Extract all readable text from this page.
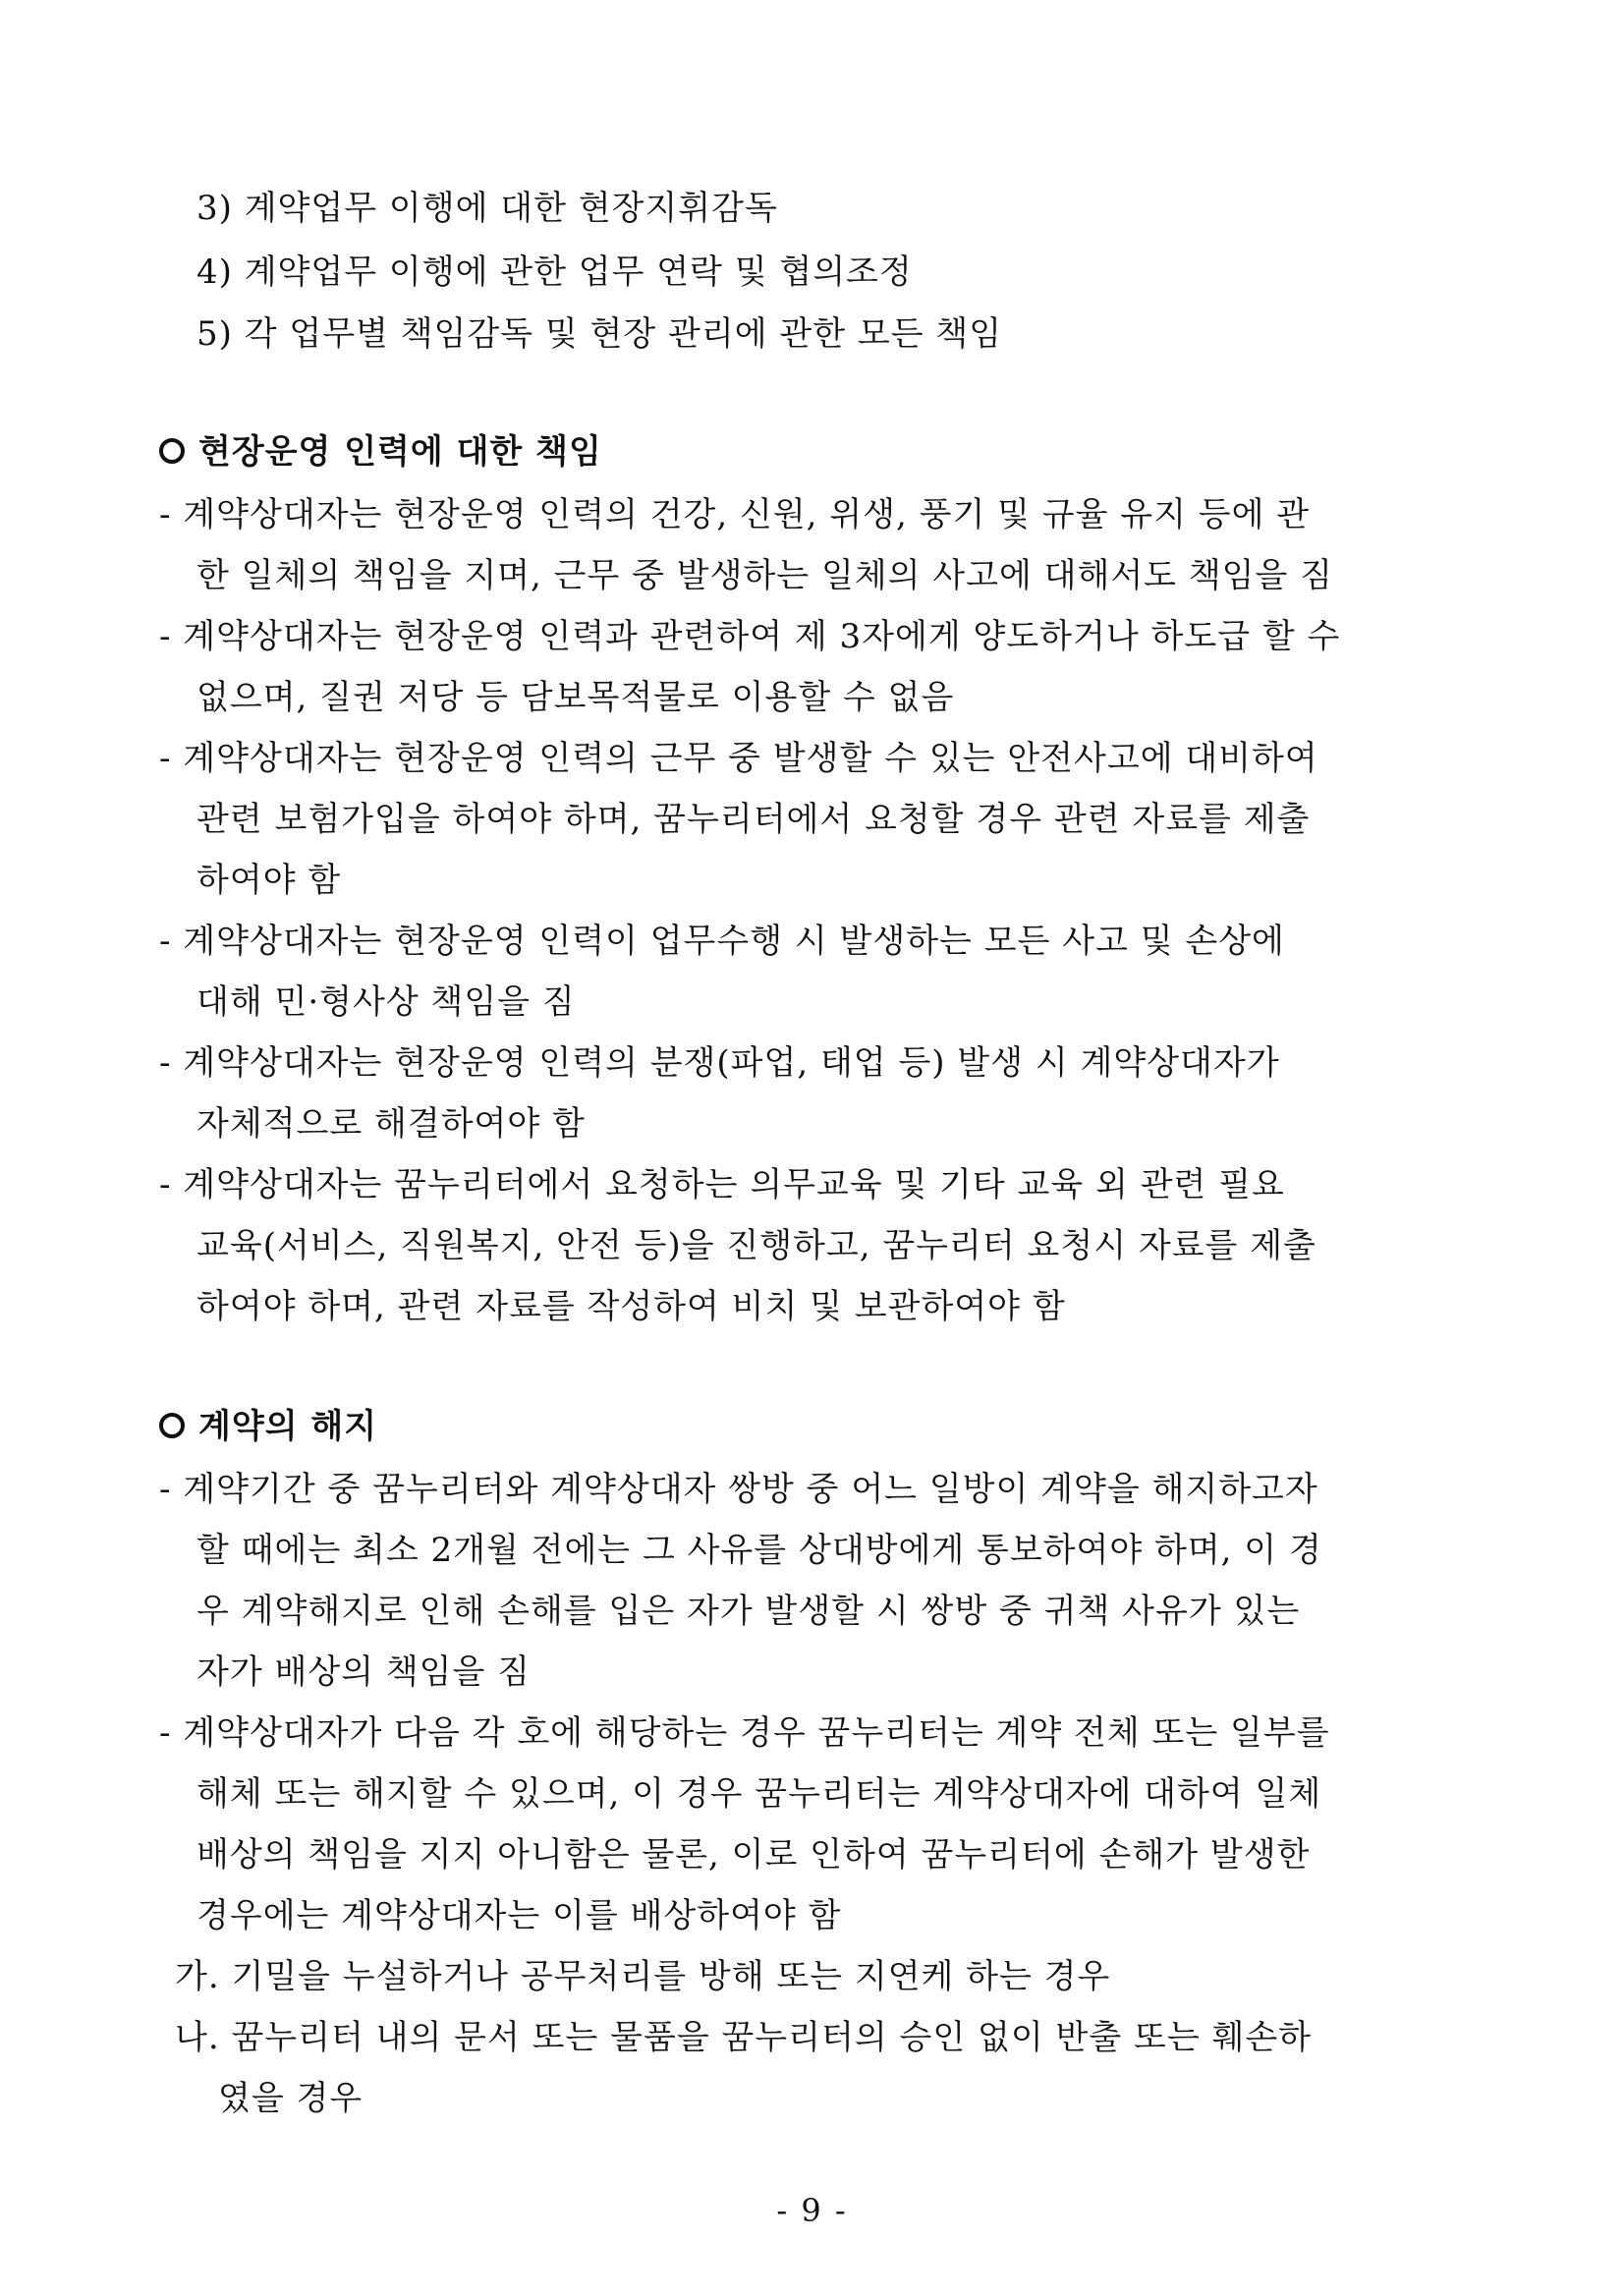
3) 계약업무 이행에 대한 현장지휘감독
4) 계약업무 이행에 관한 업무 연락 및 협의조정
5) 각 업무별 책임감독 및 현장 관리에 관한 모든 책임
현장운영 인력에 대한 책임
- 계약상대자는 현장운영 인력의 건강, 신원, 위생, 풍기 및 규율 유지 등에 관
한 일체의 책임을 지며, 근무 중 발생하는 일체의 사고에 대해서도 책임을 짐
- 계약상대자는 현장운영 인력과 관련하여 제 3자에게 양도하거나 하도급 할 수
없으며, 질권 저당 등 담보목적물로 이용할 수 없음
- 계약상대자는 현장운영 인력의 근무 중 발생할 수 있는 안전사고에 대비하여
관련 보험가입을 하여야 하며, 꿈누리터에서 요청할 경우 관련 자료를 제출
하여야 함
- 계약상대자는 현장운영 인력이 업무수행 시 발생하는 모든 사고 및 손상에
대해 민·형사상 책임을 짐
- 계약상대자는 현장운영 인력의 분쟁(파업, 태업 등) 발생 시 계약상대자가
자체적으로 해결하여야 함
- 계약상대자는 꿈누리터에서 요청하는 의무교육 및 기타 교육 외 관련 필요
교육(서비스, 직원복지, 안전 등)을 진행하고, 꿈누리터 요청시 자료를 제출
하여야 하며, 관련 자료를 작성하여 비치 및 보관하여야 함
계약의 해지
- 계약기간 중 꿈누리터와 계약상대자 쌍방 중 어느 일방이 계약을 해지하고자
할 때에는 최소 2개월 전에는 그 사유를 상대방에게 통보하여야 하며, 이 경
우 계약해지로 인해 손해를 입은 자가 발생할 시 쌍방 중 귀책 사유가 있는
자가 배상의 책임을 짐
- 계약상대자가 다음 각 호에 해당하는 경우 꿈누리터는 계약 전체 또는 일부를
해체 또는 해지할 수 있으며, 이 경우 꿈누리터는 계약상대자에 대하여 일체
배상의 책임을 지지 아니함은 물론, 이로 인하여 꿈누리터에 손해가 발생한
경우에는 계약상대자는 이를 배상하여야 함
가. 기밀을 누설하거나 공무처리를 방해 또는 지연케 하는 경우
나. 꿈누리터 내의 문서 또는 물품을 꿈누리터의 승인 없이 반출 또는 훼손하
였을 경우
- 9 -
